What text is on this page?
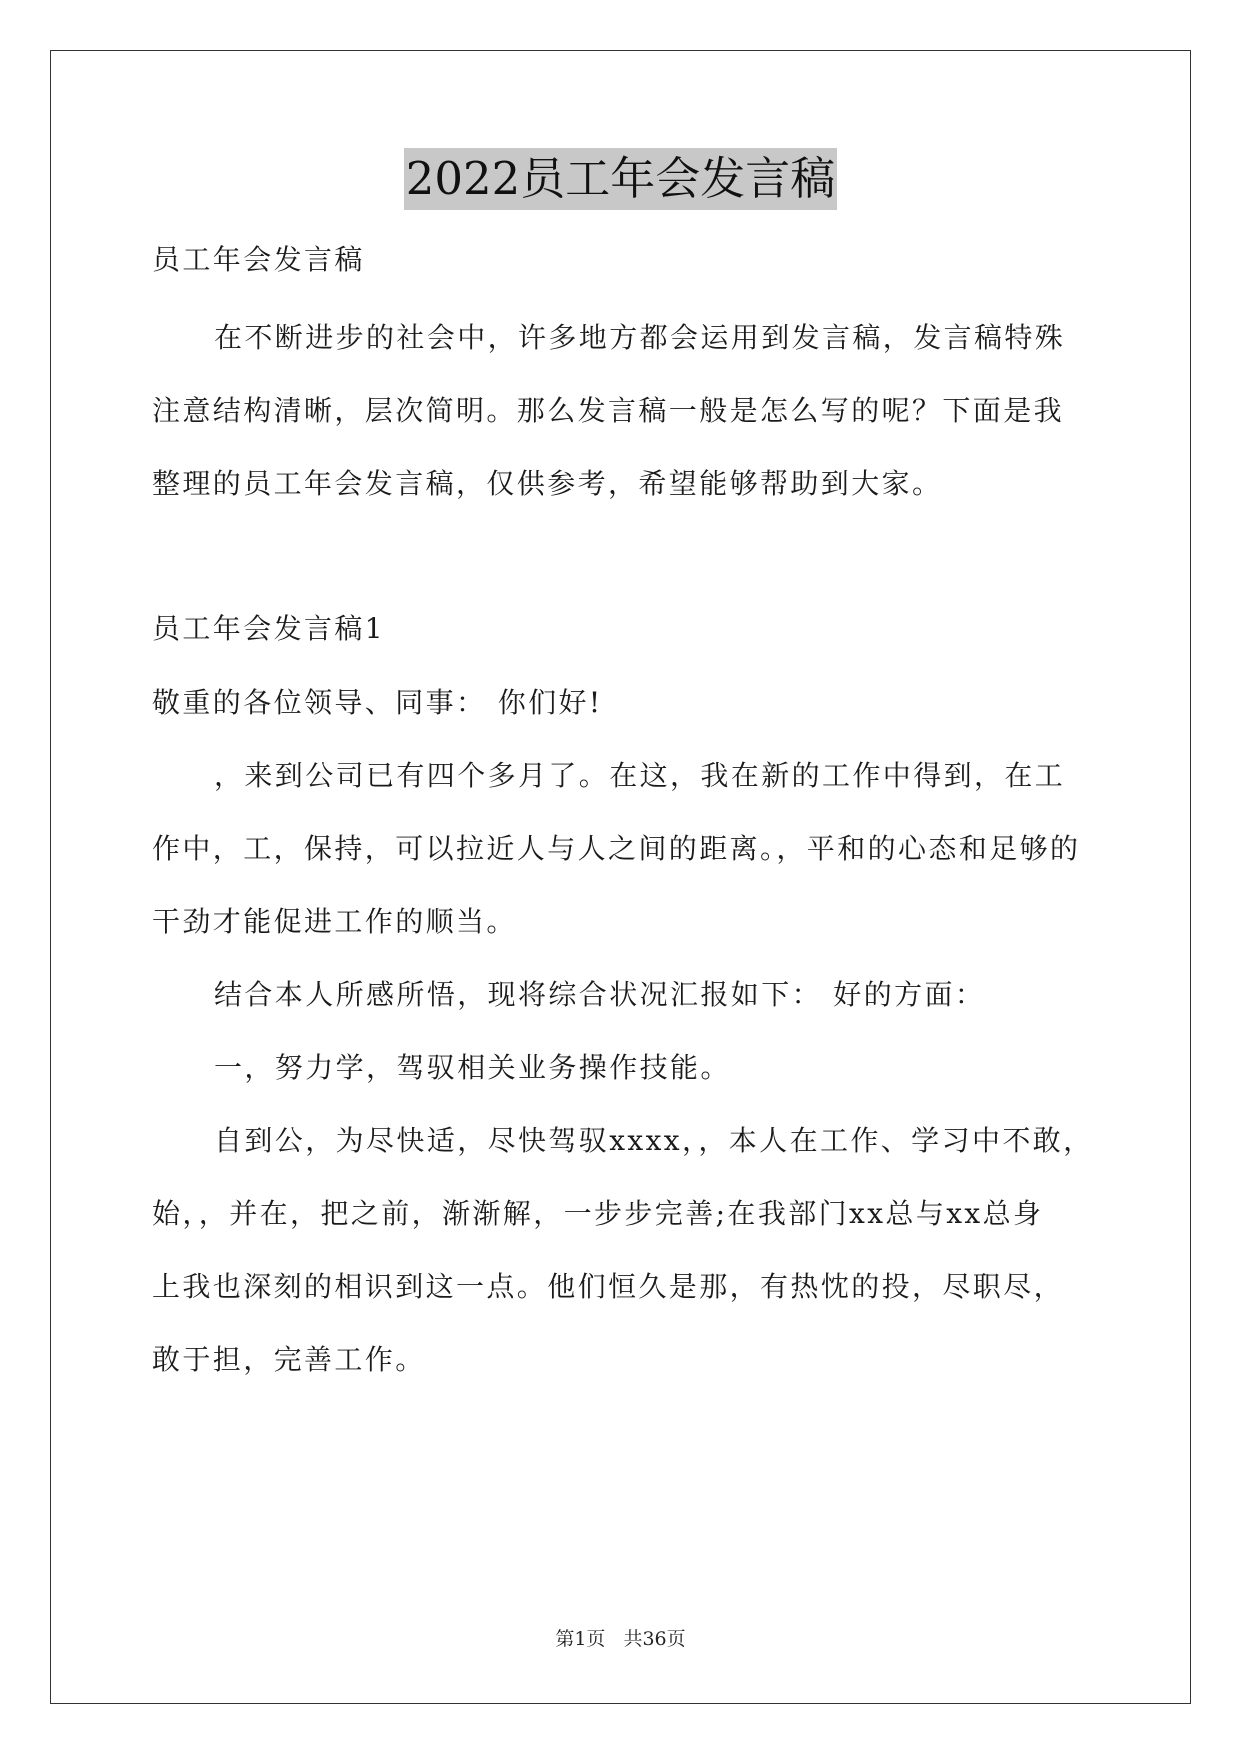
2022员工年会发言稿
员工年会发言稿
在不断进步的社会中，许多地方都会运用到发言稿，发言稿特殊
注意结构清晰，层次简明。那么发言稿一般是怎么写的呢？下面是我
整理的员工年会发言稿，仅供参考，希望能够帮助到大家。
员工年会发言稿1
敬重的各位领导、同事： 你们好!
，来到公司已有四个多月了。在这，我在新的工作中得到，在工
作中，工，保持，可以拉近人与人之间的距离。，平和的心态和足够的
干劲才能促进工作的顺当。
结合本人所感所悟，现将综合状况汇报如下： 好的方面：
一，努力学，驾驭相关业务操作技能。
自到公，为尽快适，尽快驾驭xxxx，，本人在工作、学习中不敢，
始，，并在，把之前，渐渐解，一步步完善;在我部门xx总与xx总身
上我也深刻的相识到这一点。他们恒久是那，有热忱的投，尽职尽，
敢于担，完善工作。
第1页 共36页
